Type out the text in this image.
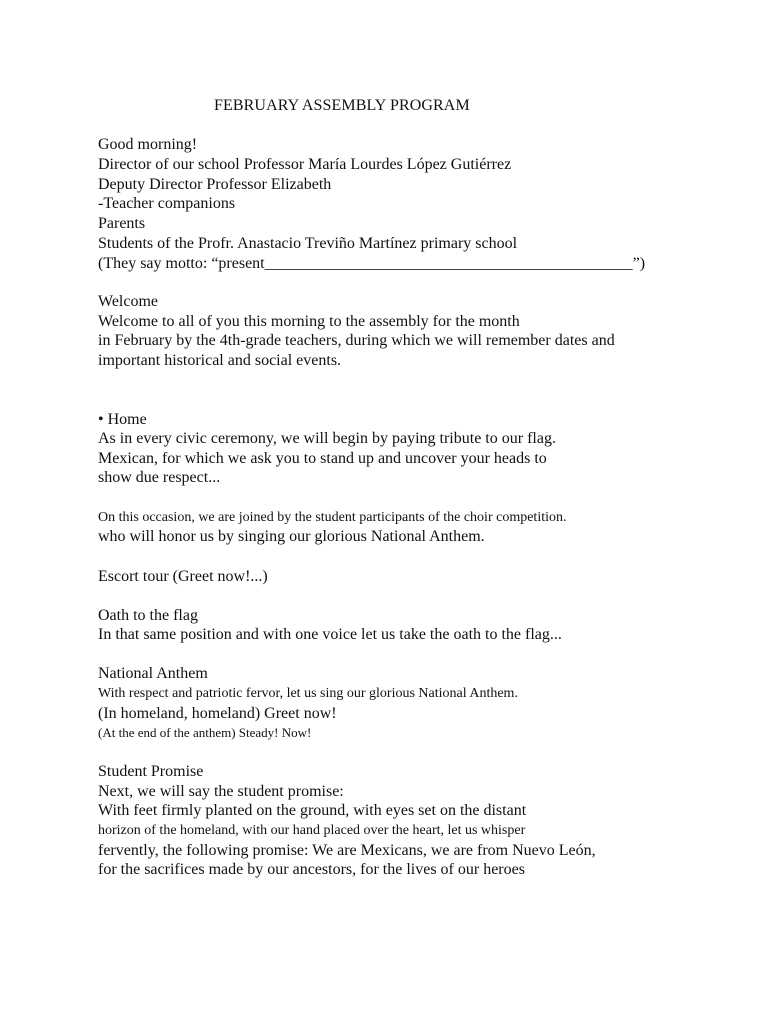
FEBRUARY ASSEMBLY PROGRAM
Good morning!
Director of our school Professor María Lourdes López Gutiérrez
Deputy Director Professor Elizabeth
-Teacher companions
Parents
Students of the Profr. Anastacio Treviño Martínez primary school
(They say motto: “present______________________________________________”)
Welcome
Welcome to all of you this morning to the assembly for the month
in February by the 4th-grade teachers, during which we will remember dates and
important historical and social events.
• Home
As in every civic ceremony, we will begin by paying tribute to our flag.
Mexican, for which we ask you to stand up and uncover your heads to
show due respect...
On this occasion, we are joined by the student participants of the choir competition.
who will honor us by singing our glorious National Anthem.
Escort tour (Greet now!...)
Oath to the flag
In that same position and with one voice let us take the oath to the flag...
National Anthem
With respect and patriotic fervor, let us sing our glorious National Anthem.
(In homeland, homeland) Greet now!
(At the end of the anthem) Steady! Now!
Student Promise
Next, we will say the student promise:
With feet firmly planted on the ground, with eyes set on the distant
horizon of the homeland, with our hand placed over the heart, let us whisper
fervently, the following promise: We are Mexicans, we are from Nuevo León,
for the sacrifices made by our ancestors, for the lives of our heroes
